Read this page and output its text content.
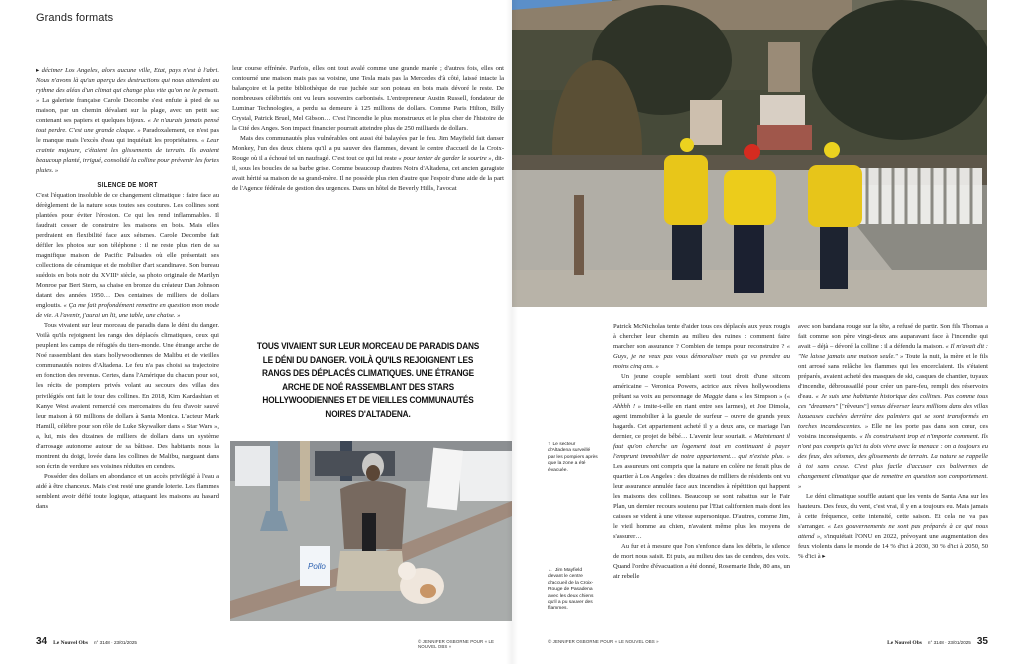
Grands formats

▸ décimer Los Angeles, alors aucune ville, Etat, pays n'est à l'abri. Nous n'avons là qu'un aperçu des destructions qui nous attendent au rythme des aléas d'un climat qui change plus vite qu'on ne le pensait. » La galeriste française Carole Decombe s'est enfuie à pied de sa maison, par un chemin dévalant sur la plage, avec un petit sac contenant ses papiers et quelques bijoux. « Je n'aurais jamais pensé tout perdre. C'est une grande claque. » Paradoxalement, ce n'est pas le manque mais l'excès d'eau qui inquiétait les propriétaires. « Leur crainte majeure, c'étaient les glissements de terrain. Ils avaient beaucoup planté, irrigué, consolidé la colline pour prévenir les fortes pluies. »

SILENCE DE MORT

C'est l'équation insoluble de ce changement climatique : faire face au dérèglement de la nature sous toutes ses coutures. Les collines sont plantées pour éviter l'érosion. Ce qui les rend inflammables. Il faudrait cesser de construire les maisons en bois. Mais elles perdraient en flexibilité face aux séismes. Carole Decombe fait défiler les photos sur son téléphone : il ne reste plus rien de sa magnifique maison de Pacific Palisades où elle présentait ses collections de céramique et de mobilier d'art scandinave. Son bureau suédois en bois noir du XVIIIᵉ siècle, sa photo originale de Marilyn Monroe par Bert Stern, sa chaise en bronze du créateur Dan Johnson datant des années 1950… Des centaines de milliers de dollars engloutis. « Ça me fait profondément remettre en question mon mode de vie. A l'avenir, j'aurai un lit, une table, une chaise. »

Tous vivaient sur leur morceau de paradis dans le déni du danger. Voilà qu'ils rejoignent les rangs des déplacés climatiques, ceux qui peuplent les camps de réfugiés du tiers-monde. Une étrange arche de Noé rassemblant des stars hollywoodiennes de Malibu et de vieilles communautés noires d'Altadena. Le feu n'a pas choisi sa trajectoire en fonction des revenus. Certes, dans l'Amérique du chacun pour soi, les récits de pompiers privés volant au secours des villas des privilégiés ont fait le tour des collines. En 2018, Kim Kardashian et Kanye West avaient remercié ces mercenaires du feu d'avoir sauvé leur maison à 60 millions de dollars à Santa Monica. L'acteur Mark Hamill, célèbre pour son rôle de Luke Skywalker dans « Star Wars », a, lui, mis des dizaines de milliers de dollars dans un système d'arrosage autonome autour de sa bâtisse. Des habitants nous la montrent du doigt, lovée dans les collines de Malibu, narguant dans son écrin de verdure ses voisines réduites en cendres.

Posséder des dollars en abondance et un accès privilégié à l'eau a aidé à être chanceux. Mais c'est resté une grande loterie. Les flammes semblent avoir défié toute logique, attaquant les maisons au hasard dans

leur course effrénée. Parfois, elles ont tout avalé comme une grande marée ; d'autres fois, elles ont contourné une maison mais pas sa voisine, une Tesla mais pas la Mercedes d'à côté, laissé intacte la balançoire et la petite bibliothèque de rue juchée sur son poteau en bois mais dévoré le reste. De nombreuses célébrités ont vu leurs souvenirs carbonisés. L'entrepreneur Austin Russell, fondateur de Luminar Technologies, a perdu sa demeure à 125 millions de dollars. Comme Paris Hilton, Billy Crystal, Patrick Bruel, Mel Gibson… C'est l'incendie le plus monstrueux et le plus cher de l'histoire de la Cité des Anges. Son impact financier pourrait atteindre plus de 250 milliards de dollars.

Mais des communautés plus vulnérables ont aussi été balayées par le feu. Jim Mayfield fait danser Monkey, l'un des deux chiens qu'il a pu sauver des flammes, devant le centre d'accueil de la Croix-Rouge où il a échoué tel un naufragé. C'est tout ce qui lui reste « pour tenter de garder le sourire », dit-il, sous les boucles de sa barbe grise. Comme beaucoup d'autres Noirs d'Altadena, cet ancien garagiste avait hérité sa maison de sa grand-mère. Il ne possède plus rien d'autre que l'espoir d'une aide de la part de l'Agence fédérale de gestion des urgences. Dans un hôtel de Beverly Hills, l'avocat

TOUS VIVAIENT SUR LEUR MORCEAU DE PARADIS DANS LE DÉNI DU DANGER. VOILÀ QU'ILS REJOIGNENT LES RANGS DES DÉPLACÉS CLIMATIQUES. UNE ÉTRANGE ARCHE DE NOÉ RASSEMBLANT DES STARS HOLLYWOODIENNES ET DE VIEILLES COMMUNAUTÉS NOIRES D'ALTADENA.
Pollo
34 Le Nouvel Obs n° 3148 · 23/01/2025	© JENNIFER OSBORNE POUR « LE NOUVEL OBS »
Le Nouvel Obs n° 3148 · 23/01/2025 35
↑ Le secteur d'Altadena surveillé par les pompiers après que la zone a été évacuée.
← Jim Mayfield devant le centre d'accueil de la Croix-Rouge de Pasadena avec les deux chiens qu'il a pu sauver des flammes.

Patrick McNicholas tente d'aider tous ces déplacés aux yeux rougis à chercher leur chemin au milieu des ruines : comment faire marcher son assurance ? Combien de temps pour reconstruire ? « Guys, je ne veux pas vous démoraliser mais ça va prendre au moins cinq ans. »

Un jeune couple semblant sorti tout droit d'une sitcom américaine – Veronica Powers, actrice aux rêves hollywoodiens prêtant sa voix au personnage de Maggie dans « les Simpson » (« Ahhhh ! » imite-t-elle en riant entre ses larmes), et Joe Dimola, agent immobilier à la gueule de surfeur – ouvre de grands yeux hagards. Cet appartement acheté il y a deux ans, ce mariage l'an dernier, ce projet de bébé… L'avenir leur souriait. « Maintenant il faut qu'on cherche un logement tout en continuant à payer l'emprunt immobilier de notre appartement… qui n'existe plus. » Les assureurs ont compris que la nature en colère ne ferait plus de quartier à Los Angeles : des dizaines de milliers de résidents ont vu leur assurance annulée face aux incendies à répétition qui happent les maisons des collines. Beaucoup se sont rabattus sur le Fair Plan, un dernier recours soutenu par l'Etat californien mais dont les caisses se vident à une vitesse supersonique. D'autres, comme Jim, le vieil homme au chien, n'avaient même plus les moyens de s'assurer…

Au fur et à mesure que l'on s'enfonce dans les débris, le silence de mort nous saisit. Et puis, au milieu des tas de cendres, des voix. Quand l'ordre d'évacuation a été donné, Rosemarie Ihde, 80 ans, un air rebelle

avec son bandana rouge sur la tête, a refusé de partir. Son fils Thomas a fait comme son père vingt-deux ans auparavant face à l'incendie qui avait – déjà – dévoré la colline : il a défendu la maison. « Il m'avait dit : "Ne laisse jamais une maison seule." » Toute la nuit, la mère et le fils ont arrosé sans relâche les flammes qui les encerclaient. Ils s'étaient préparés, avaient acheté des masques de ski, casques de chantier, tuyaux d'incendie, débroussaillé pour créer un pare-feu, rempli des réservoirs d'eau. « Je suis une habitante historique des collines. Pas comme tous ces "dreamers" ["rêveurs"] venus déverser leurs millions dans des villas luxueuses cachées derrière des palmiers qui se sont transformés en torches incandescentes. » Elle ne les porte pas dans son cœur, ces voisins inconséquents. « Ils construisent trop et n'importe comment. Ils n'ont pas compris qu'ici tu dois vivre avec la menace : on a toujours eu des feux, des séismes, des glissements de terrain. La nature se rappelle à toi sans cesse. C'est plus facile d'accuser ces balivernes de changement climatique que de remettre en question son comportement. »

Le déni climatique souffle autant que les vents de Santa Ana sur les hauteurs. Des feux, du vent, c'est vrai, il y en a toujours eu. Mais jamais à cette fréquence, cette intensité, cette saison. Et cela ne va pas s'arranger. « Les gouvernements ne sont pas préparés à ce qui nous attend », s'inquiétait l'ONU en 2022, prévoyant une augmentation des feux violents dans le monde de 14 % d'ici à 2030, 30 % d'ici à 2050, 50 % d'ici à ▸

© JENNIFER OSBORNE POUR « LE NOUVEL OBS »
